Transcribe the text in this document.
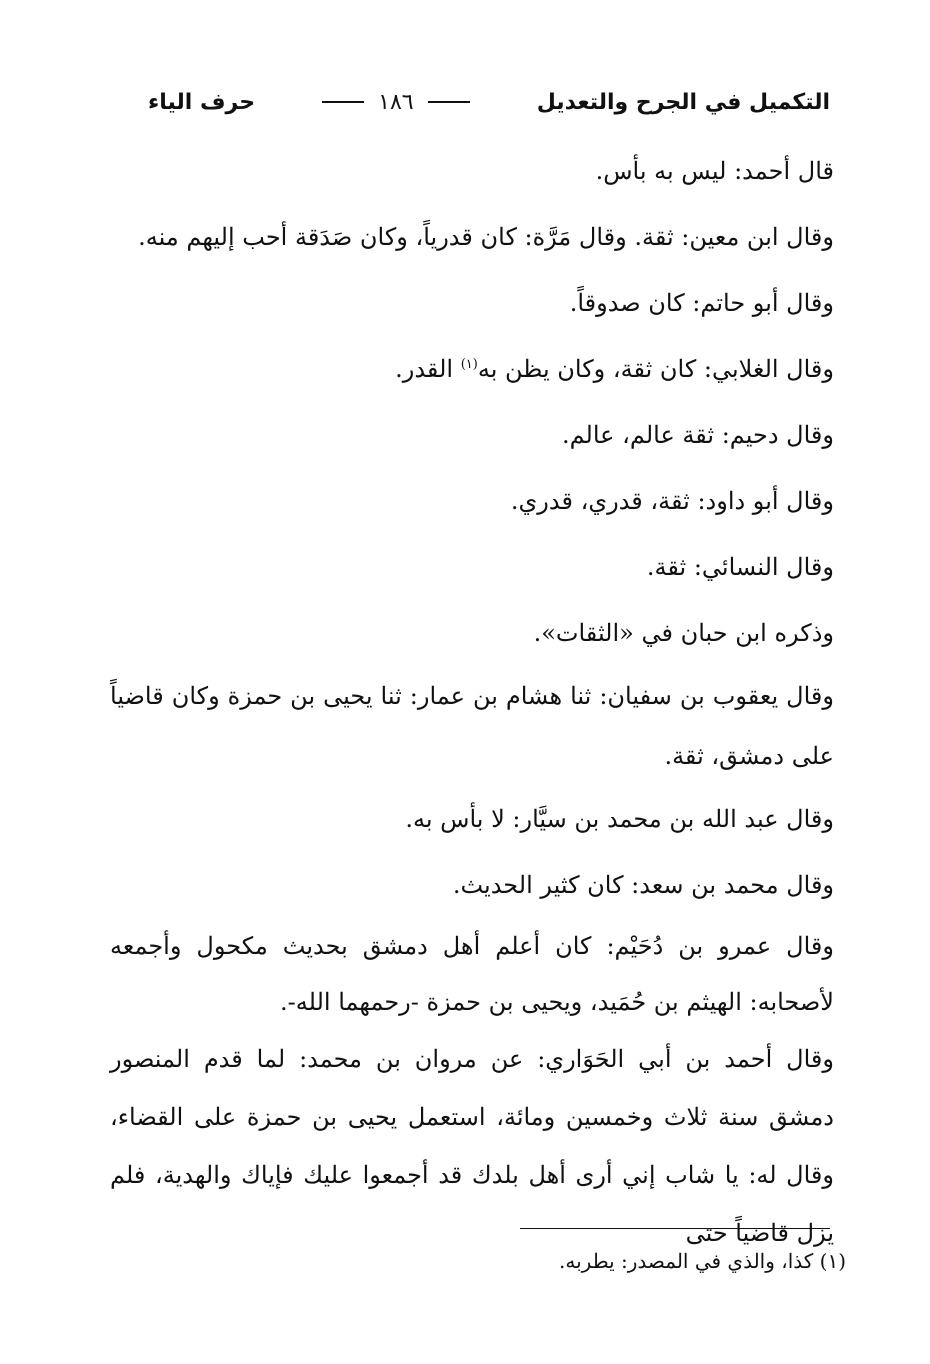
التكميل في الجرح والتعديل
١٨٦
حرف الياء

قال أحمد: ليس به بأس.

وقال ابن معين: ثقة. وقال مَرَّة: كان قدرياً، وكان صَدَقة أحب إليهم منه.

وقال أبو حاتم: كان صدوقاً.

وقال الغلابي: كان ثقة، وكان يظن به$^{(١)}$ القدر.

وقال دحيم: ثقة عالم، عالم.

وقال أبو داود: ثقة، قدري، قدري.

وقال النسائي: ثقة.

وذكره ابن حبان في «الثقات».

وقال يعقوب بن سفيان: ثنا هشام بن عمار: ثنا يحيى بن حمزة وكان قاضياً على دمشق، ثقة.

وقال عبد الله بن محمد بن سيَّار: لا بأس به.

وقال محمد بن سعد: كان كثير الحديث.

وقال عمرو بن دُحَيْم: كان أعلم أهل دمشق بحديث مكحول وأجمعه لأصحابه: الهيثم بن حُمَيد، ويحيى بن حمزة -رحمهما الله-.

وقال أحمد بن أبي الحَوَاري: عن مروان بن محمد: لما قدم المنصور دمشق سنة ثلاث وخمسين ومائة، استعمل يحيى بن حمزة على القضاء، وقال له: يا شاب إني أرى أهل بلدك قد أجمعوا عليك فإياك والهدية، فلم يزل قاضياً حتى

(١) كذا، والذي في المصدر: يطربه.
